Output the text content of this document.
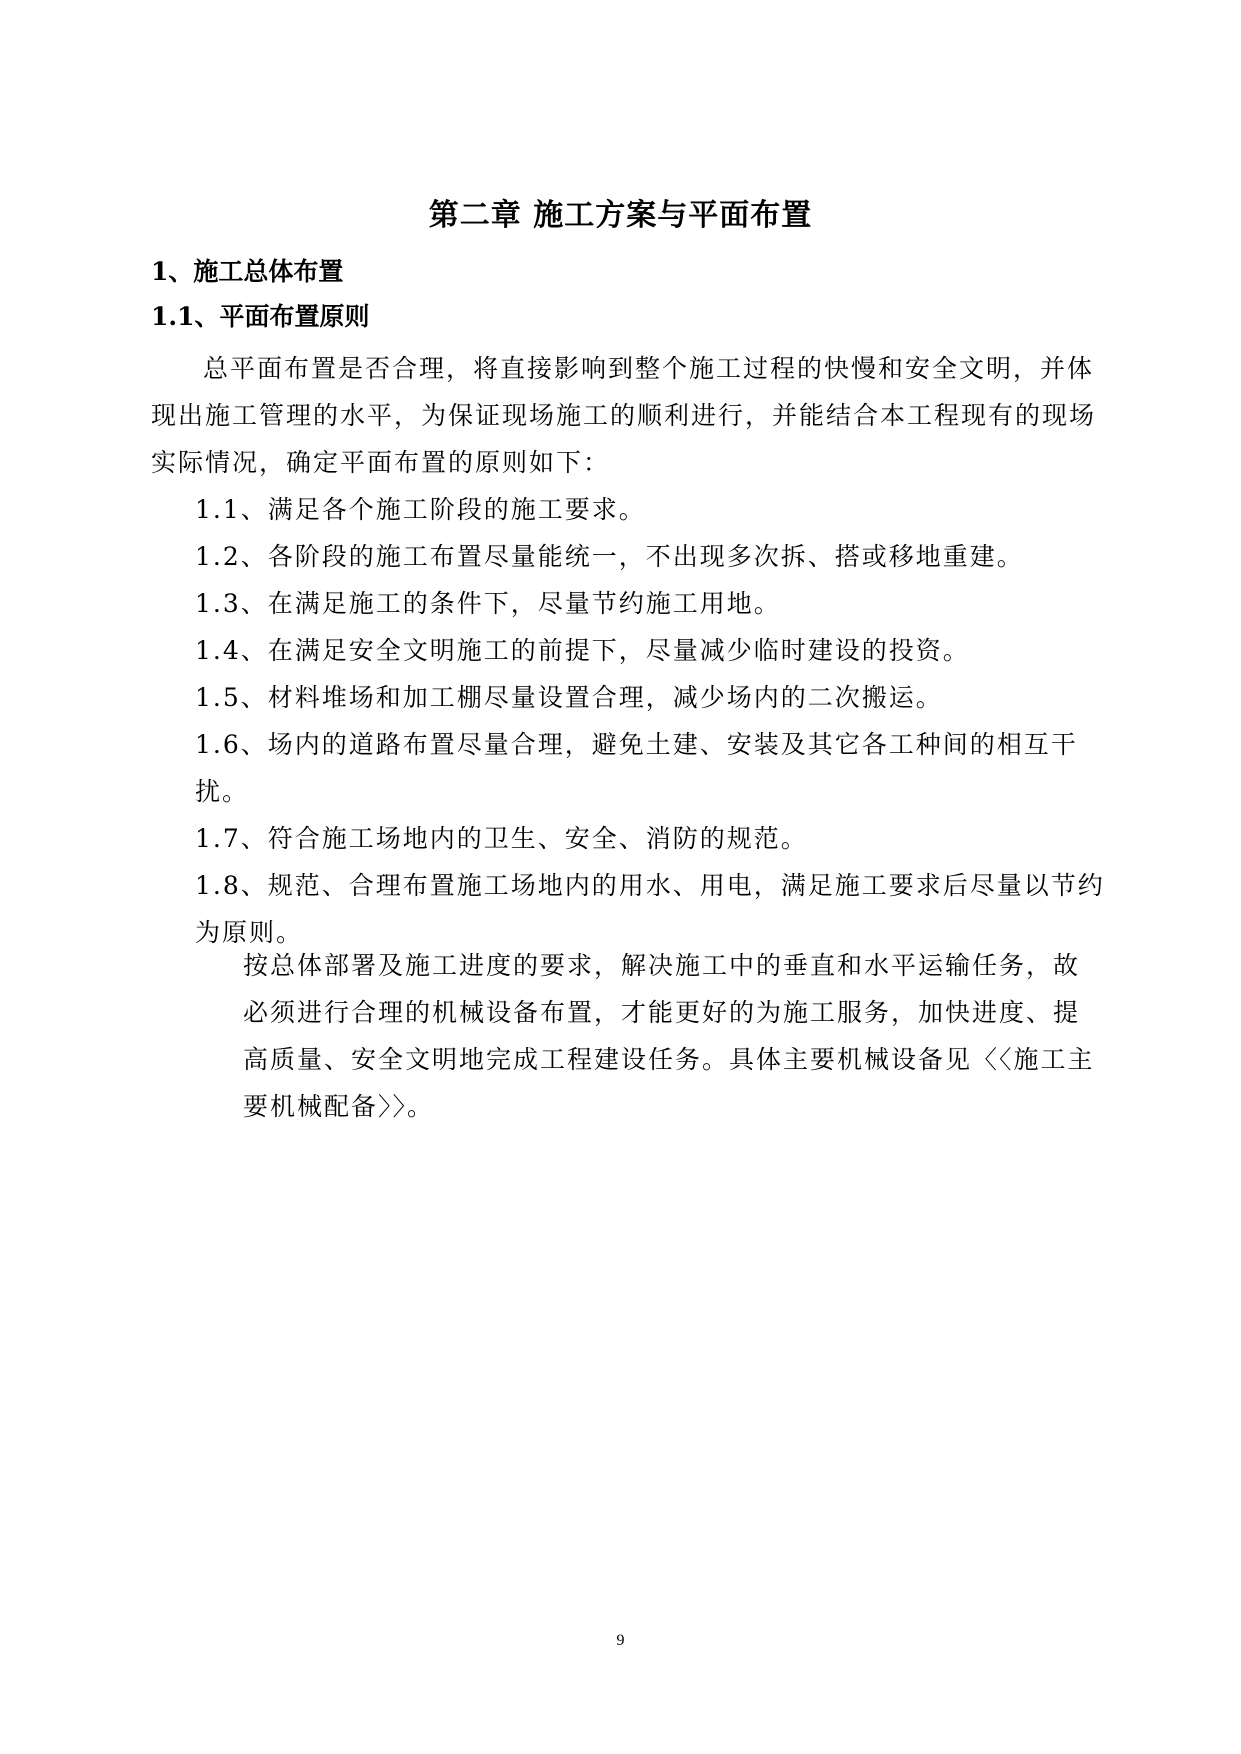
第二章 施工方案与平面布置
1、施工总体布置
1.1、平面布置原则
总平面布置是否合理，将直接影响到整个施工过程的快慢和安全文明，并体现出施工管理的水平，为保证现场施工的顺利进行，并能结合本工程现有的现场实际情况，确定平面布置的原则如下：
1.1、满足各个施工阶段的施工要求。
1.2、各阶段的施工布置尽量能统一，不出现多次拆、搭或移地重建。
1.3、在满足施工的条件下，尽量节约施工用地。
1.4、在满足安全文明施工的前提下，尽量减少临时建设的投资。
1.5、材料堆场和加工棚尽量设置合理，减少场内的二次搬运。
1.6、场内的道路布置尽量合理，避免土建、安装及其它各工种间的相互干扰。
1.7、符合施工场地内的卫生、安全、消防的规范。
1.8、规范、合理布置施工场地内的用水、用电，满足施工要求后尽量以节约为原则。
按总体部署及施工进度的要求，解决施工中的垂直和水平运输任务，故必须进行合理的机械设备布置，才能更好的为施工服务，加快进度、提高质量、安全文明地完成工程建设任务。具体主要机械设备见〈〈施工主要机械配备〉〉。
9
